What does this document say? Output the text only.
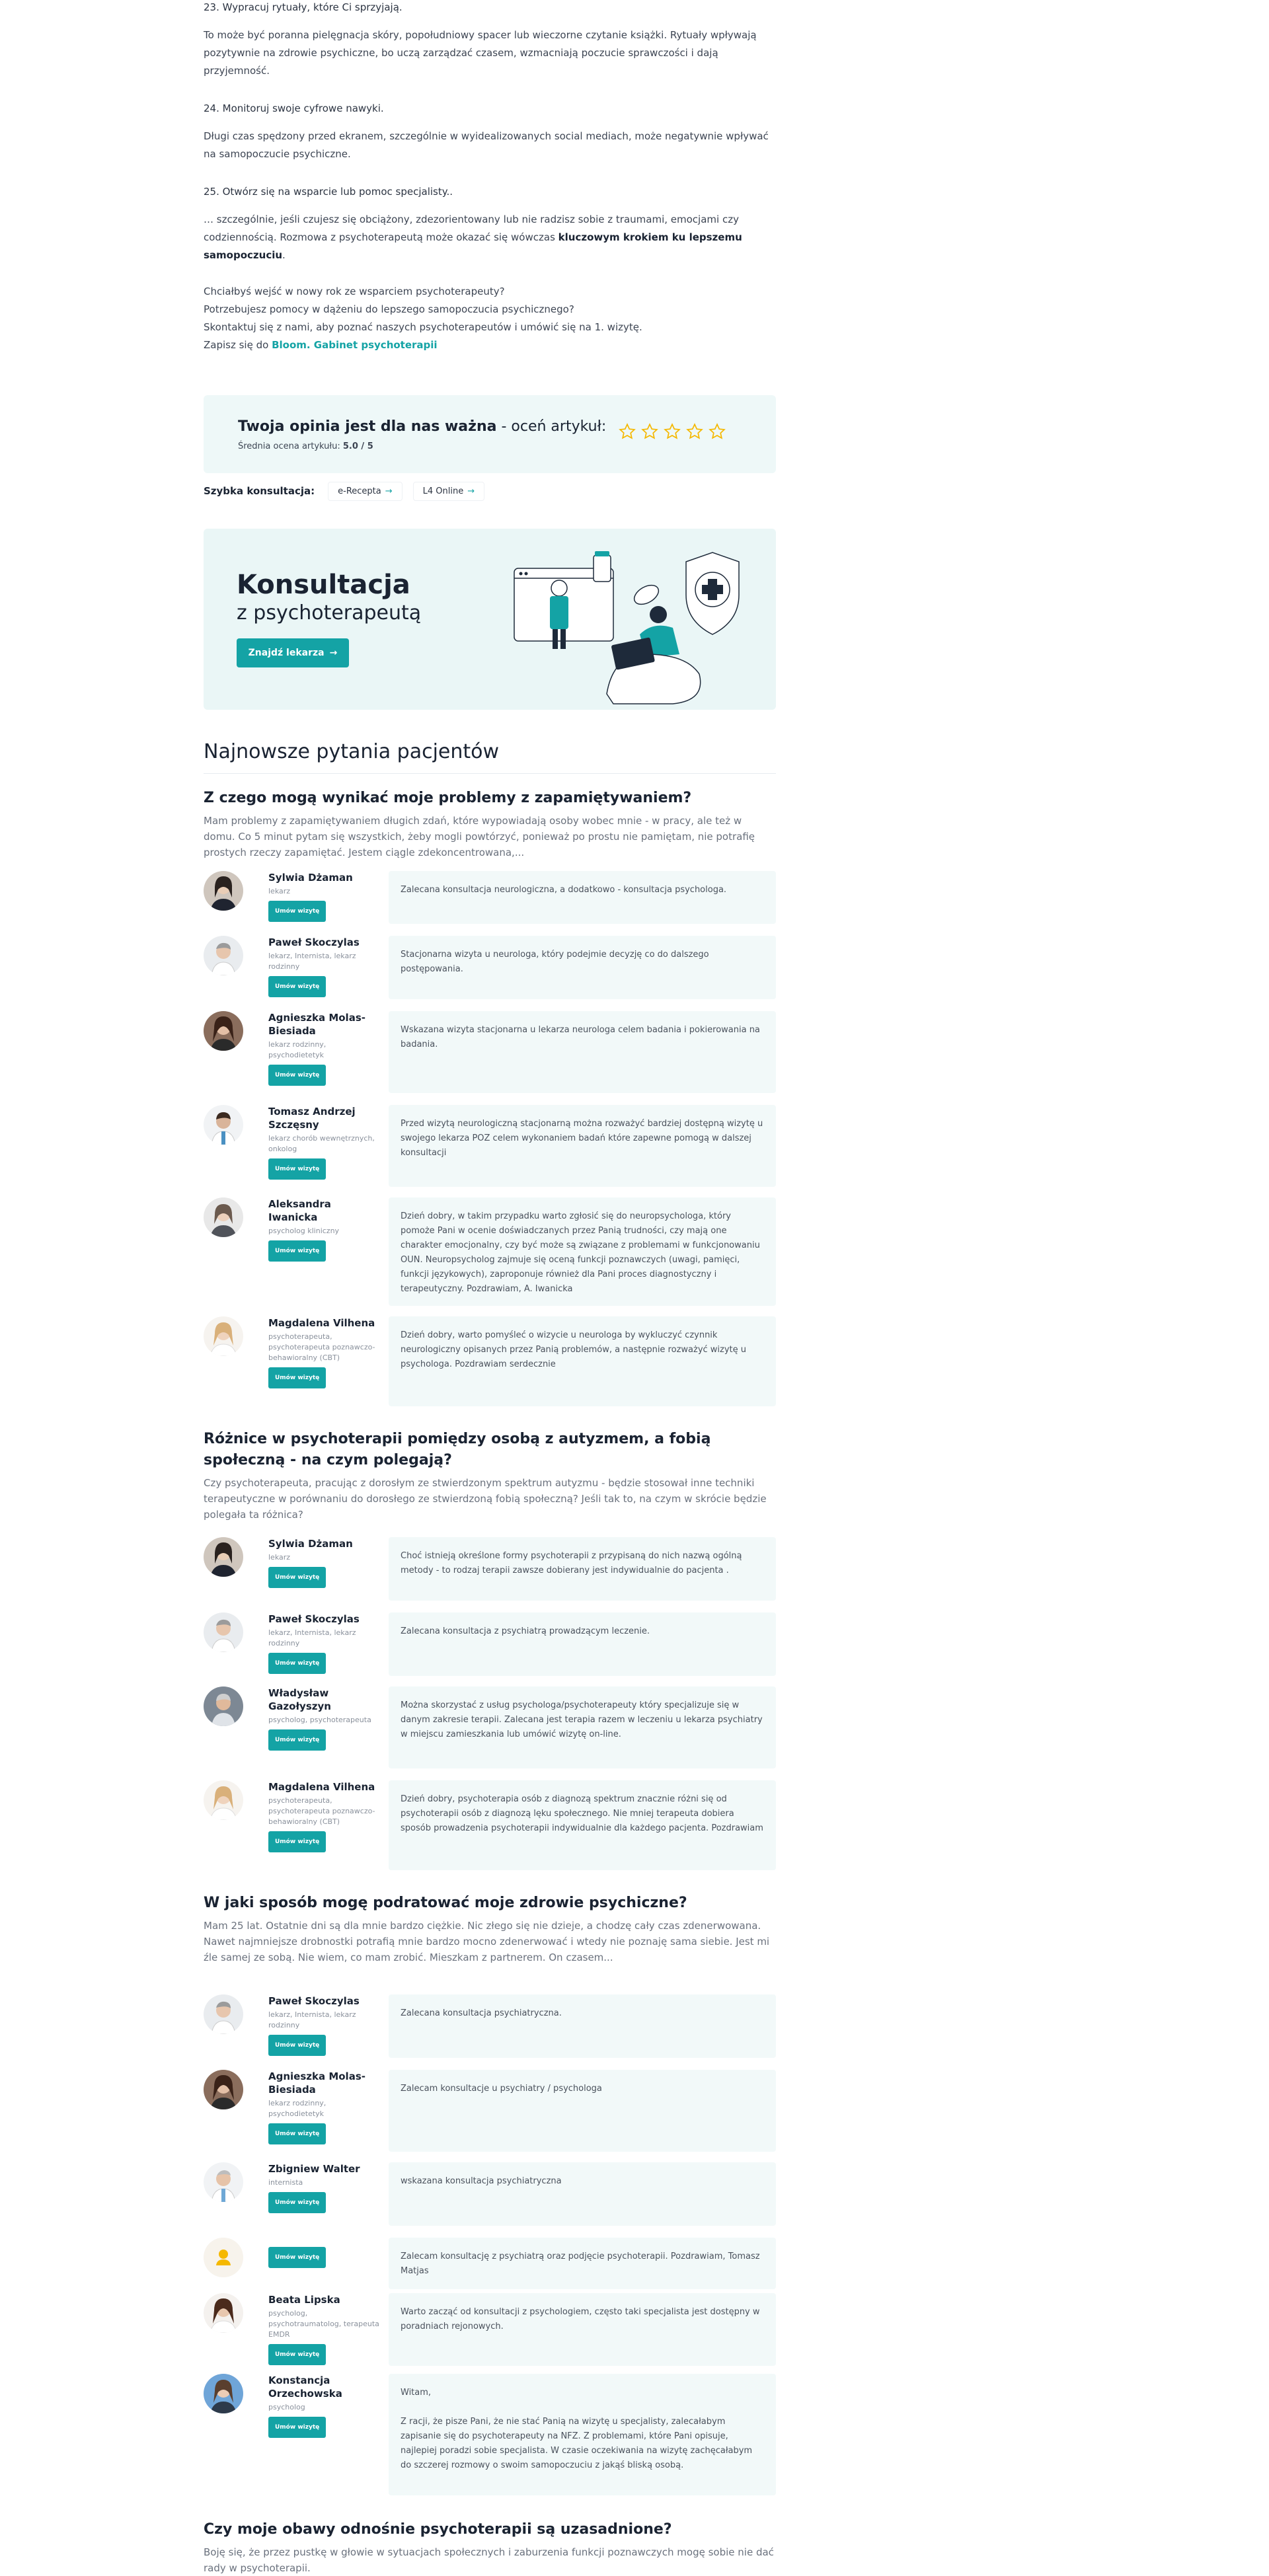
23. Wypracuj rytuały, które Ci sprzyjają.

To może być poranna pielęgnacja skóry, popołudniowy spacer lub wieczorne czytanie książki. Rytuały wpływają pozytywnie na zdrowie psychiczne, bo uczą zarządzać czasem, wzmacniają poczucie sprawczości i dają przyjemność.

24. Monitoruj swoje cyfrowe nawyki.

Długi czas spędzony przed ekranem, szczególnie w wyidealizowanych social mediach, może negatywnie wpływać na samopoczucie psychiczne.

25. Otwórz się na wsparcie lub pomoc specjalisty..

… szczególnie, jeśli czujesz się obciążony, zdezorientowany lub nie radzisz sobie z traumami, emocjami czy codziennością. Rozmowa z psychoterapeutą może okazać się wówczas kluczowym krokiem ku lepszemu samopoczuciu.

Chciałbyś wejść w nowy rok ze wsparciem psychoterapeuty?
Potrzebujesz pomocy w dążeniu do lepszego samopoczucia psychicznego?
Skontaktuj się z nami, aby poznać naszych psychoterapeutów i umówić się na 1. wizytę.
Zapisz się do Bloom. Gabinet psychoterapii
Twoja opinia jest dla nas ważna - oceń artykuł:
Średnia ocena artykułu: 5.0 / 5
Szybka konsultacja:	e-Recepta →	L4 Online →
Konsultacja
z psychoterapeutą
Znajdź lekarza →
Najnowsze pytania pacjentów
Z czego mogą wynikać moje problemy z zapamiętywaniem?
Mam problemy z zapamiętywaniem długich zdań, które wypowiadają osoby wobec mnie - w pracy, ale też w domu. Co 5 minut pytam się wszystkich, żeby mogli powtórzyć, ponieważ po prostu nie pamiętam, nie potrafię prostych rzeczy zapamiętać. Jestem ciągle zdekoncentrowana,...
Sylwia Dżaman
lekarz
Umów wizytę
Zalecana konsultacja neurologiczna, a dodatkowo - konsultacja psychologa.
Paweł Skoczylas
lekarz, Internista, lekarz rodzinny
Umów wizytę
Stacjonarna wizyta u neurologa, który podejmie decyzję co do dalszego postępowania.
Agnieszka Molas-Biesiada
lekarz rodzinny, psychodietetyk
Umów wizytę
Wskazana wizyta stacjonarna u lekarza neurologa celem badania i pokierowania na badania.
Tomasz Andrzej Szczęsny
lekarz chorób wewnętrznych, onkolog
Umów wizytę
Przed wizytą neurologiczną stacjonarną można rozważyć bardziej dostępną wizytę u swojego lekarza POZ celem wykonaniem badań które zapewne pomogą w dalszej konsultacji
Aleksandra Iwanicka
psycholog kliniczny
Umów wizytę
Dzień dobry, w takim przypadku warto zgłosić się do neuropsychologa, który pomoże Pani w ocenie doświadczanych przez Panią trudności, czy mają one charakter emocjonalny, czy być może są związane z problemami w funkcjonowaniu OUN. Neuropsycholog zajmuje się oceną funkcji poznawczych (uwagi, pamięci, funkcji językowych), zaproponuje również dla Pani proces diagnostyczny i terapeutyczny. Pozdrawiam, A. Iwanicka
Magdalena Vilhena
psychoterapeuta, psychoterapeuta poznawczo-behawioralny (CBT)
Umów wizytę
Dzień dobry, warto pomyśleć o wizycie u neurologa by wykluczyć czynnik neurologiczny opisanych przez Panią problemów, a następnie rozważyć wizytę u psychologa. Pozdrawiam serdecznie
Różnice w psychoterapii pomiędzy osobą z autyzmem, a fobią społeczną - na czym polegają?
Czy psychoterapeuta, pracując z dorosłym ze stwierdzonym spektrum autyzmu - będzie stosował inne techniki terapeutyczne w porównaniu do dorosłego ze stwierdzoną fobią społeczną? Jeśli tak to, na czym w skrócie będzie polegała ta różnica?
Sylwia Dżaman
lekarz
Umów wizytę
Choć istnieją określone formy psychoterapii z przypisaną do nich nazwą ogólną metody - to rodzaj terapii zawsze dobierany jest indywidualnie do pacjenta .
Paweł Skoczylas
lekarz, Internista, lekarz rodzinny
Umów wizytę
Zalecana konsultacja z psychiatrą prowadzącym leczenie.
Władysław Gazołyszyn
psycholog, psychoterapeuta
Umów wizytę
Można skorzystać z usług psychologa/psychoterapeuty który specjalizuje się w danym zakresie terapii. Zalecana jest terapia razem w leczeniu u lekarza psychiatry w miejscu zamieszkania lub umówić wizytę on-line.
Magdalena Vilhena
psychoterapeuta, psychoterapeuta poznawczo-behawioralny (CBT)
Umów wizytę
Dzień dobry, psychoterapia osób z diagnozą spektrum znacznie różni się od psychoterapii osób z diagnozą lęku społecznego. Nie mniej terapeuta dobiera sposób prowadzenia psychoterapii indywidualnie dla każdego pacjenta. Pozdrawiam
W jaki sposób mogę podratować moje zdrowie psychiczne?
Mam 25 lat. Ostatnie dni są dla mnie bardzo ciężkie. Nic złego się nie dzieje, a chodzę cały czas zdenerwowana. Nawet najmniejsze drobnostki potrafią mnie bardzo mocno zdenerwować i wtedy nie poznaję sama siebie. Jest mi źle samej ze sobą. Nie wiem, co mam zrobić. Mieszkam z partnerem. On czasem...
Paweł Skoczylas
lekarz, Internista, lekarz rodzinny
Umów wizytę
Zalecana konsultacja psychiatryczna.
Agnieszka Molas-Biesiada
lekarz rodzinny, psychodietetyk
Umów wizytę
Zalecam konsultacje u psychiatry / psychologa
Zbigniew Walter
internista
Umów wizytę
wskazana konsultacja psychiatryczna
Umów wizytę	Zalecam konsultację z psychiatrą oraz podjęcie psychoterapii. Pozdrawiam, Tomasz Matjas
Beata Lipska
psycholog, psychotraumatolog, terapeuta EMDR
Umów wizytę
Warto zacząć od konsultacji z psychologiem, często taki specjalista jest dostępny w poradniach rejonowych.
Konstancja Orzechowska
psycholog
Umów wizytę
Witam,

Z racji, że pisze Pani, że nie stać Panią na wizytę u specjalisty, zalecałabym zapisanie się do psychoterapeuty na NFZ. Z problemami, które Pani opisuje, najlepiej poradzi sobie specjalista. W czasie oczekiwania na wizytę zachęcałabym do szczerej rozmowy o swoim samopoczuciu z jakąś bliską osobą.
Czy moje obawy odnośnie psychoterapii są uzasadnione?
Boję się, że przez pustkę w głowie w sytuacjach społecznych i zaburzenia funkcji poznawczych mogę sobie nie dać rady w psychoterapii.
